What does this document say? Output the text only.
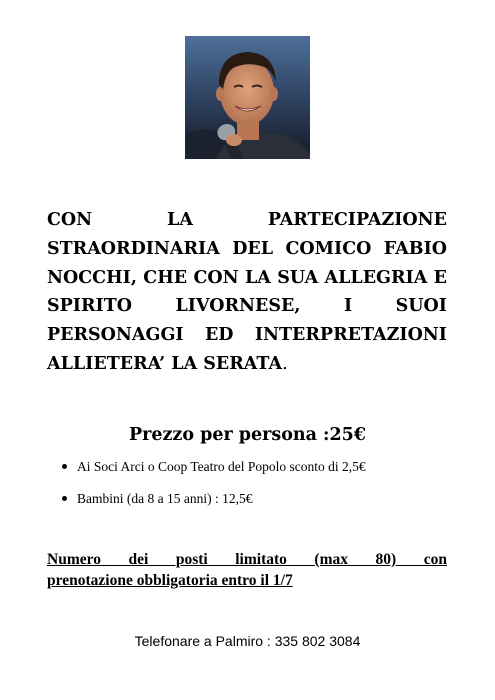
CON LA PARTECIPAZIONE
STRAORDINARIA DEL COMICO FABIO
NOCCHI, CHE CON LA SUA ALLEGRIA E
SPIRITO LIVORNESE, I SUOI
PERSONAGGI ED INTERPRETAZIONI
ALLIETERA’ LA SERATA.
Prezzo per persona :25€
Ai Soci Arci o Coop Teatro del Popolo sconto di 2,5€
Bambini (da 8 a 15 anni) : 12,5€
Numero dei posti limitato (max 80) con
prenotazione obbligatoria entro il 1/7
Telefonare a Palmiro : 335 802 3084
